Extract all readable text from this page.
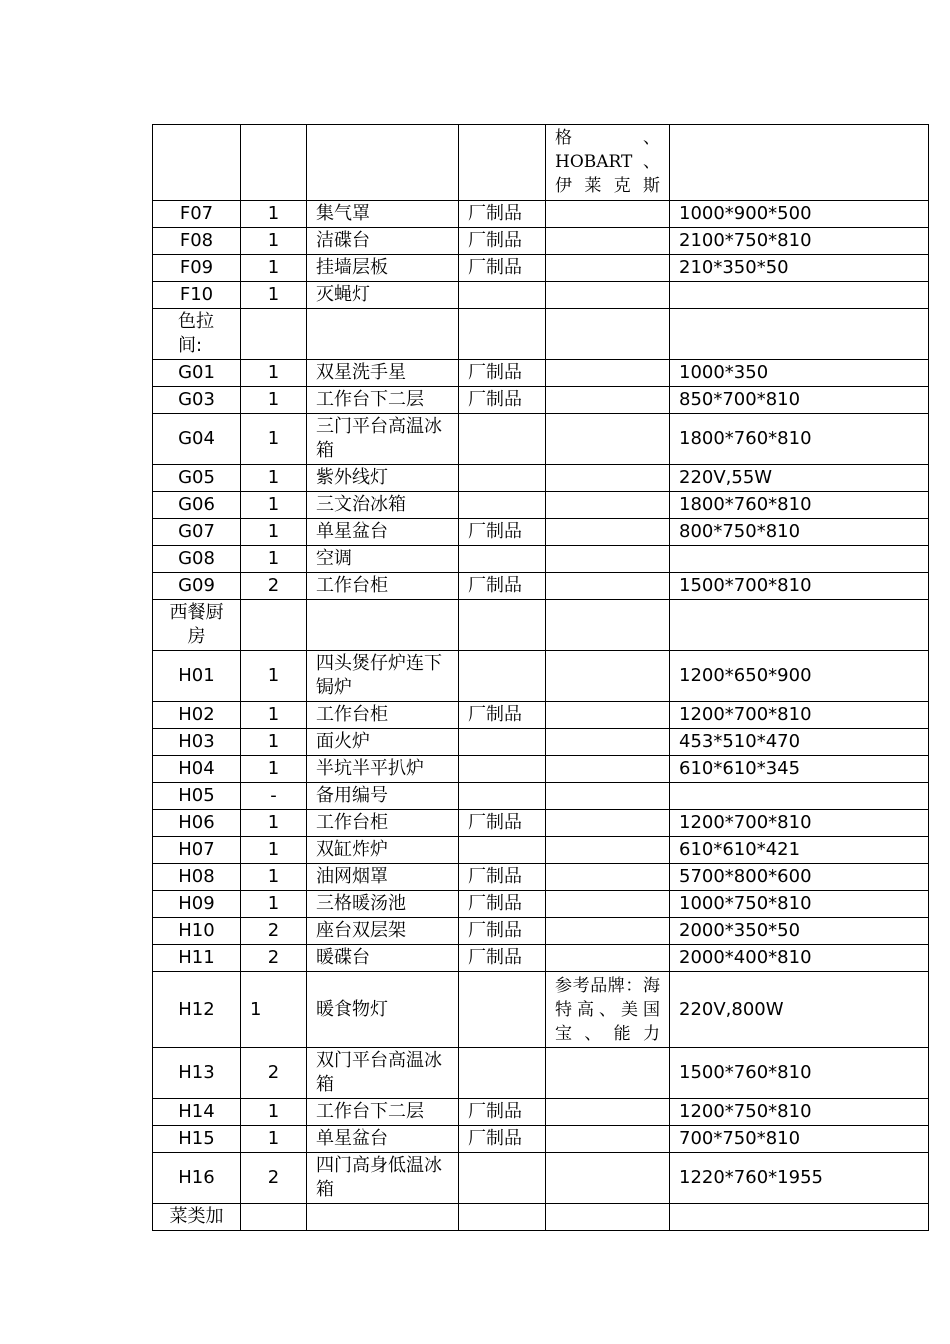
				格、HOBART、伊莱克斯	
F07	1	集气罩	厂制品		1000*900*500
F08	1	洁碟台	厂制品		2100*750*810
F09	1	挂墙层板	厂制品		210*350*50
F10	1	灭蝇灯			
色拉间:					
G01	1	双星洗手星	厂制品		1000*350
G03	1	工作台下二层	厂制品		850*700*810
G04	1	三门平台高温冰箱			1800*760*810
G05	1	紫外线灯			220V,55W
G06	1	三文治冰箱			1800*760*810
G07	1	单星盆台	厂制品		800*750*810
G08	1	空调			
G09	2	工作台柜	厂制品		1500*700*810
西餐厨房					
H01	1	四头煲仔炉连下锔炉			1200*650*900
H02	1	工作台柜	厂制品		1200*700*810
H03	1	面火炉			453*510*470
H04	1	半坑半平扒炉			610*610*345
H05	-	备用编号			
H06	1	工作台柜	厂制品		1200*700*810
H07	1	双缸炸炉			610*610*421
H08	1	油网烟罩	厂制品		5700*800*600
H09	1	三格暖汤池	厂制品		1000*750*810
H10	2	座台双层架	厂制品		2000*350*50
H11	2	暖碟台	厂制品		2000*400*810
H12	1	暖食物灯		参考品牌：海特高、美国宝、能力	220V,800W
H13	2	双门平台高温冰箱			1500*760*810
H14	1	工作台下二层	厂制品		1200*750*810
H15	1	单星盆台	厂制品		700*750*810
H16	2	四门高身低温冰箱			1220*760*1955
菜类加					
